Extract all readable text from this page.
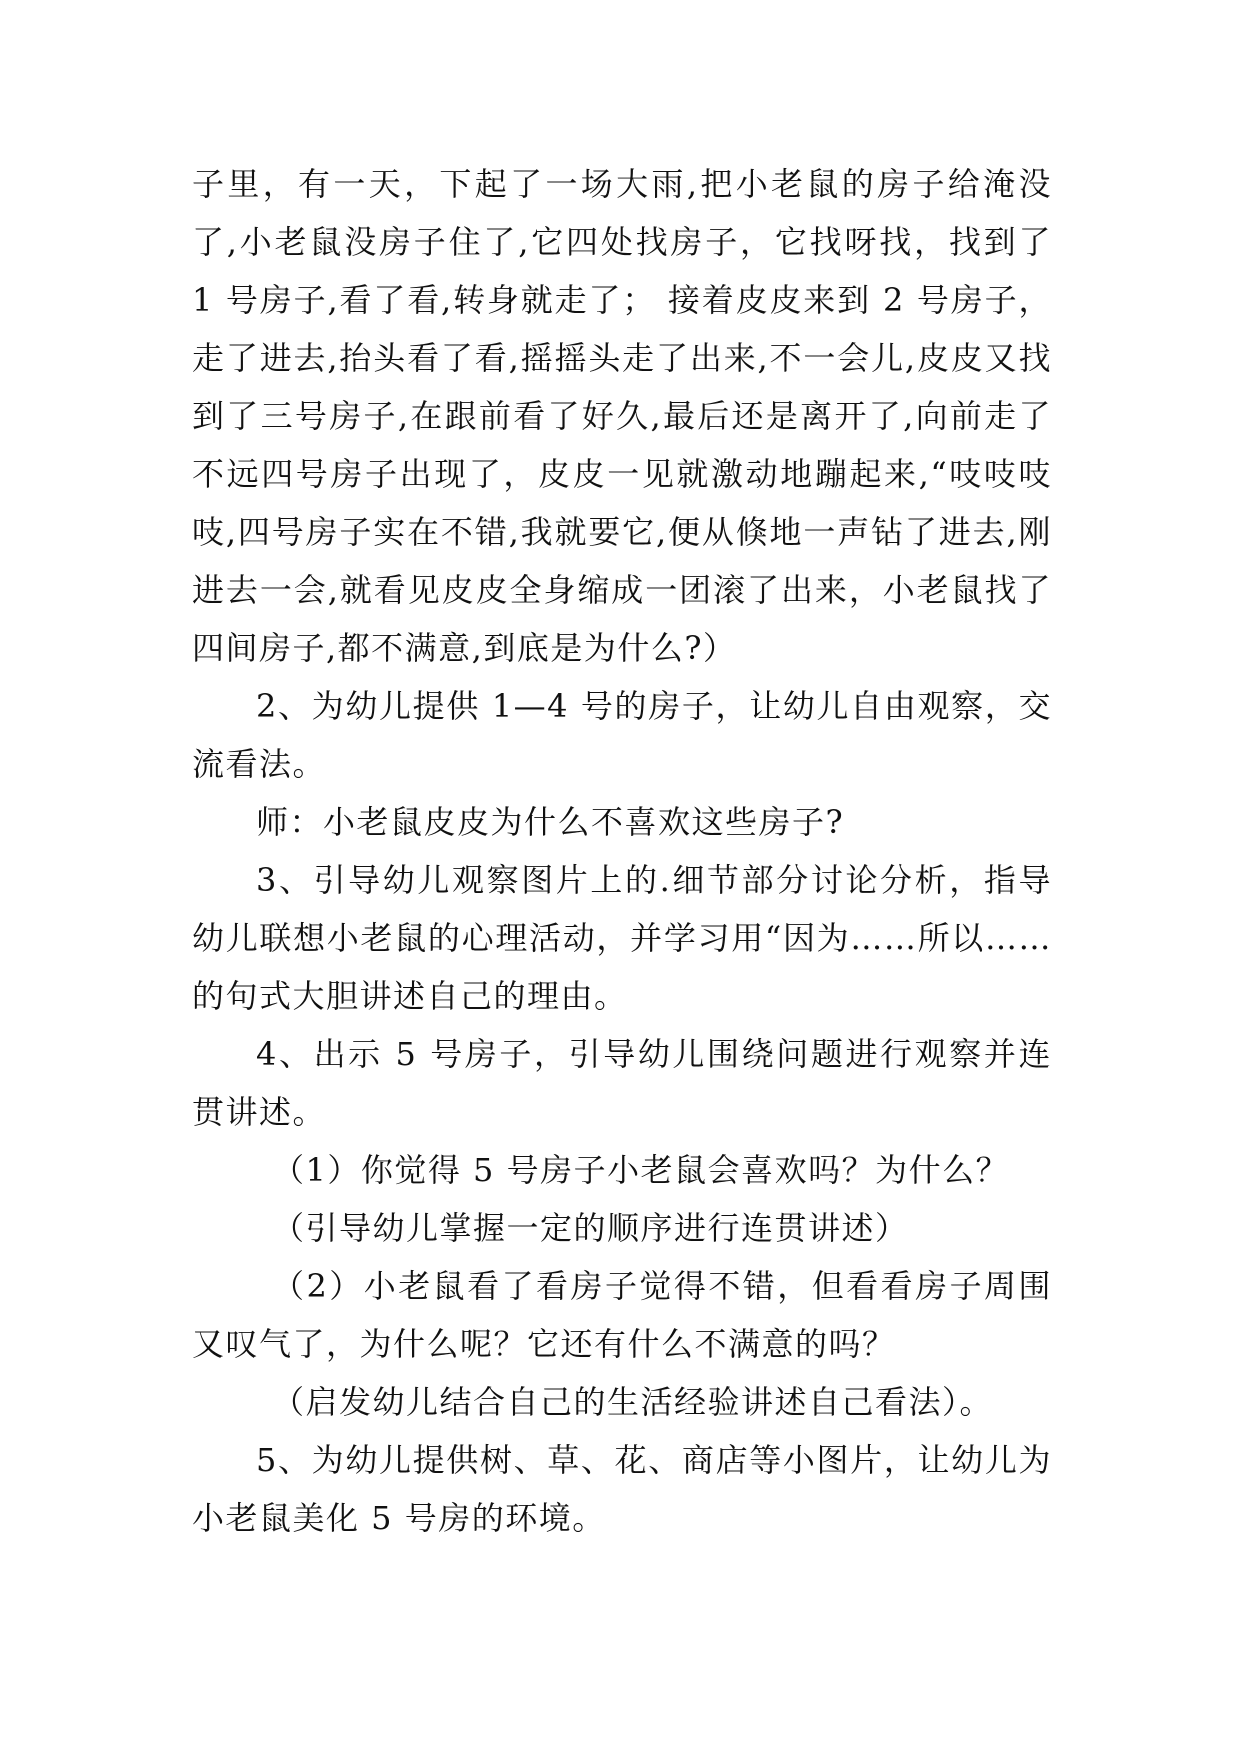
子里，有一天，下起了一场大雨,把小老鼠的房子给淹没了,小老鼠没房子住了,它四处找房子，它找呀找，找到了 1 号房子,看了看,转身就走了； 接着皮皮来到 2 号房子，走了进去,抬头看了看,摇摇头走了出来,不一会儿,皮皮又找到了三号房子,在跟前看了好久,最后还是离开了,向前走了不远四号房子出现了，皮皮一见就激动地蹦起来,“吱吱吱吱,四号房子实在不错,我就要它,便从倏地一声钻了进去,刚进去一会,就看见皮皮全身缩成一团滚了出来，小老鼠找了四间房子,都不满意,到底是为什么?）

2、为幼儿提供 1—4 号的房子，让幼儿自由观察，交流看法。

师：小老鼠皮皮为什么不喜欢这些房子?

3、引导幼儿观察图片上的.细节部分讨论分析，指导幼儿联想小老鼠的心理活动，并学习用“因为……所以……的句式大胆讲述自己的理由。

4、出示 5 号房子，引导幼儿围绕问题进行观察并连贯讲述。

（1）你觉得 5 号房子小老鼠会喜欢吗？为什么？

（引导幼儿掌握一定的顺序进行连贯讲述）

（2）小老鼠看了看房子觉得不错，但看看房子周围又叹气了，为什么呢？它还有什么不满意的吗？

（启发幼儿结合自己的生活经验讲述自己看法）。

5、为幼儿提供树、草、花、商店等小图片，让幼儿为小老鼠美化 5 号房的环境。
